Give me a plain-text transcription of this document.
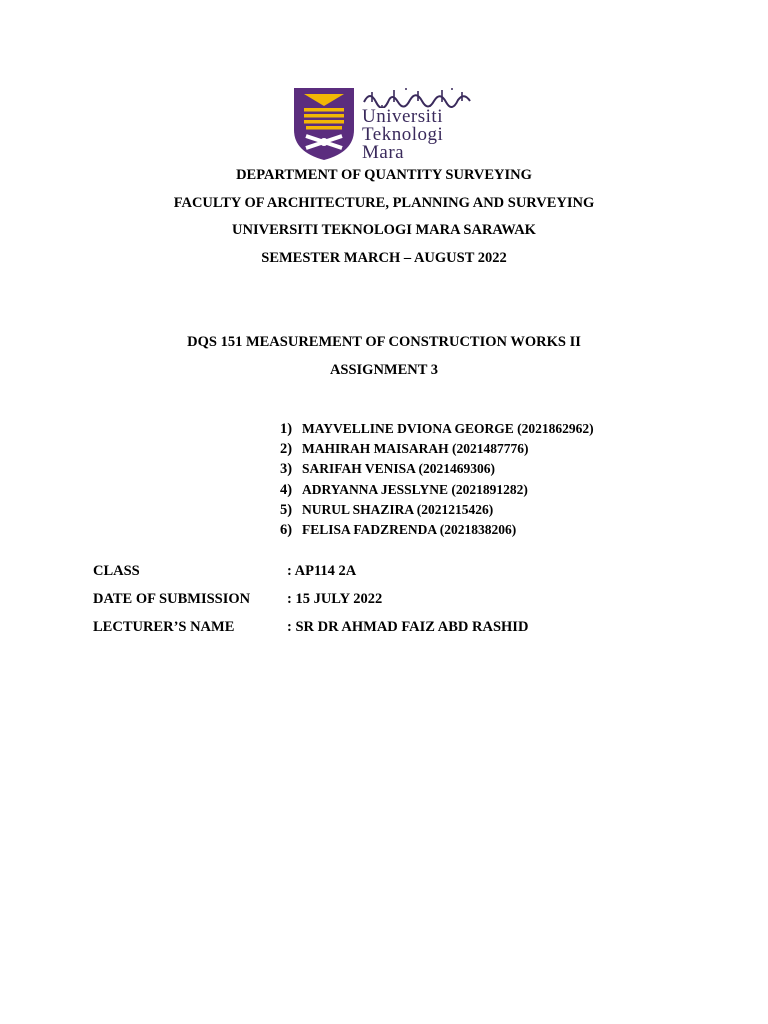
Universiti
Teknologi
Mara
DEPARTMENT OF QUANTITY SURVEYING
FACULTY OF ARCHITECTURE, PLANNING AND SURVEYING
UNIVERSITI TEKNOLOGI MARA SARAWAK
SEMESTER MARCH – AUGUST 2022
DQS 151 MEASUREMENT OF CONSTRUCTION WORKS II
ASSIGNMENT 3
1) MAYVELLINE DVIONA GEORGE (2021862962)
2) MAHIRAH MAISARAH (2021487776)
3) SARIFAH VENISA (2021469306)
4) ADRYANNA JESSLYNE (2021891282)
5) NURUL SHAZIRA (2021215426)
6) FELISA FADZRENDA (2021838206)
CLASS	: AP114 2A
DATE OF SUBMISSION	: 15 JULY 2022
LECTURER’S NAME	: SR DR AHMAD FAIZ ABD RASHID
